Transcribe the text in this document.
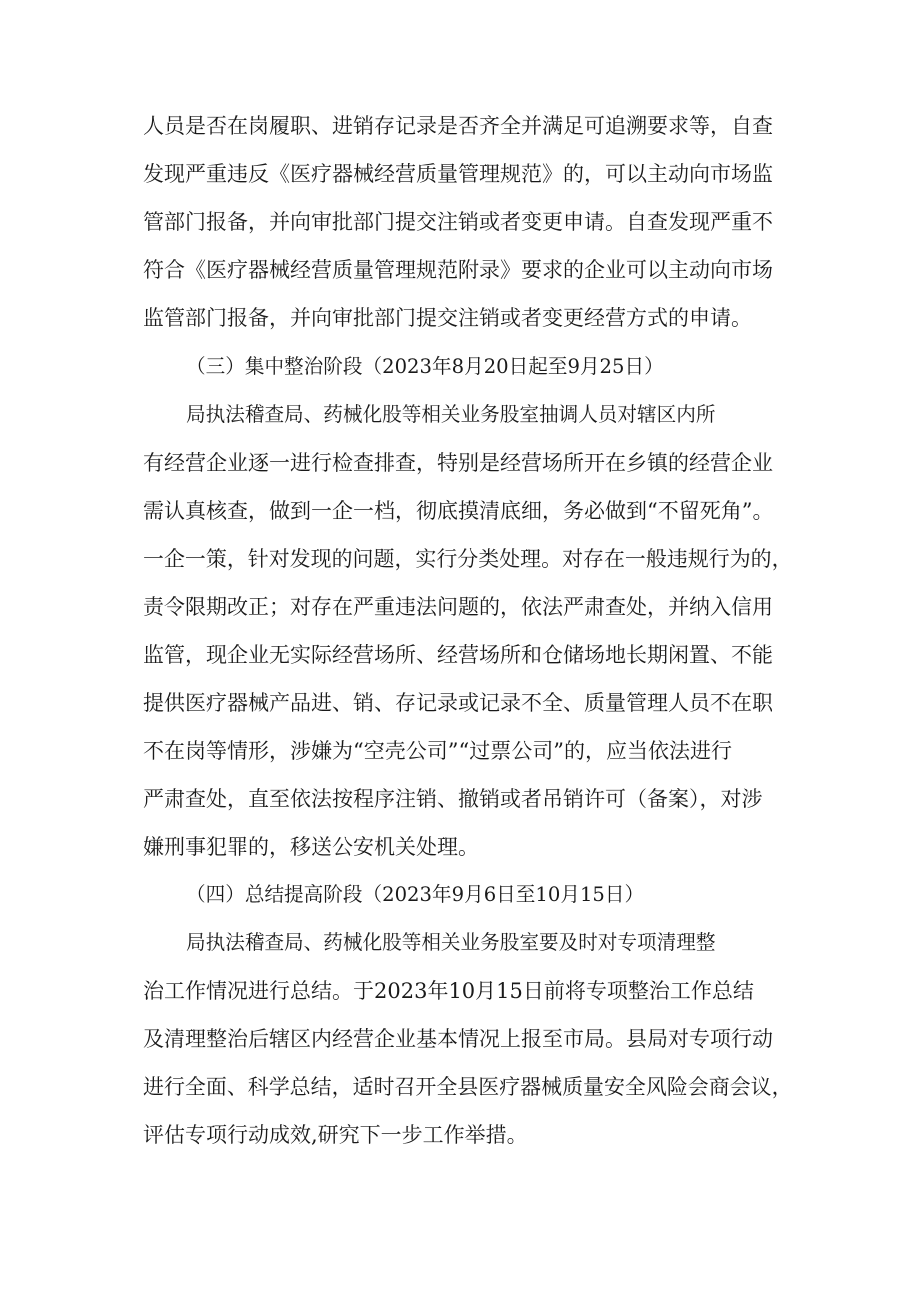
人员是否在岗履职、进销存记录是否齐全并满足可追溯要求等，自查
发现严重违反《医疗器械经营质量管理规范》的，可以主动向市场监
管部门报备，并向审批部门提交注销或者变更申请。自查发现严重不
符合《医疗器械经营质量管理规范附录》要求的企业可以主动向市场
监管部门报备，并向审批部门提交注销或者变更经营方式的申请。
（三）集中整治阶段（2023年8月20日起至9月25日）
局执法稽查局、药械化股等相关业务股室抽调人员对辖区内所
有经营企业逐一进行检查排查，特别是经营场所开在乡镇的经营企业
需认真核查，做到一企一档，彻底摸清底细，务必做到“不留死角”。
一企一策，针对发现的问题，实行分类处理。对存在一般违规行为的，
责令限期改正；对存在严重违法问题的，依法严肃查处，并纳入信用
监管，现企业无实际经营场所、经营场所和仓储场地长期闲置、不能
提供医疗器械产品进、销、存记录或记录不全、质量管理人员不在职
不在岗等情形，涉嫌为“空壳公司”“过票公司”的，应当依法进行
严肃查处，直至依法按程序注销、撤销或者吊销许可（备案），对涉
嫌刑事犯罪的，移送公安机关处理。
（四）总结提高阶段（2023年9月6日至10月15日）
局执法稽查局、药械化股等相关业务股室要及时对专项清理整
治工作情况进行总结。于2023年10月15日前将专项整治工作总结
及清理整治后辖区内经营企业基本情况上报至市局。县局对专项行动
进行全面、科学总结，适时召开全县医疗器械质量安全风险会商会议，
评估专项行动成效,研究下一步工作举措。
